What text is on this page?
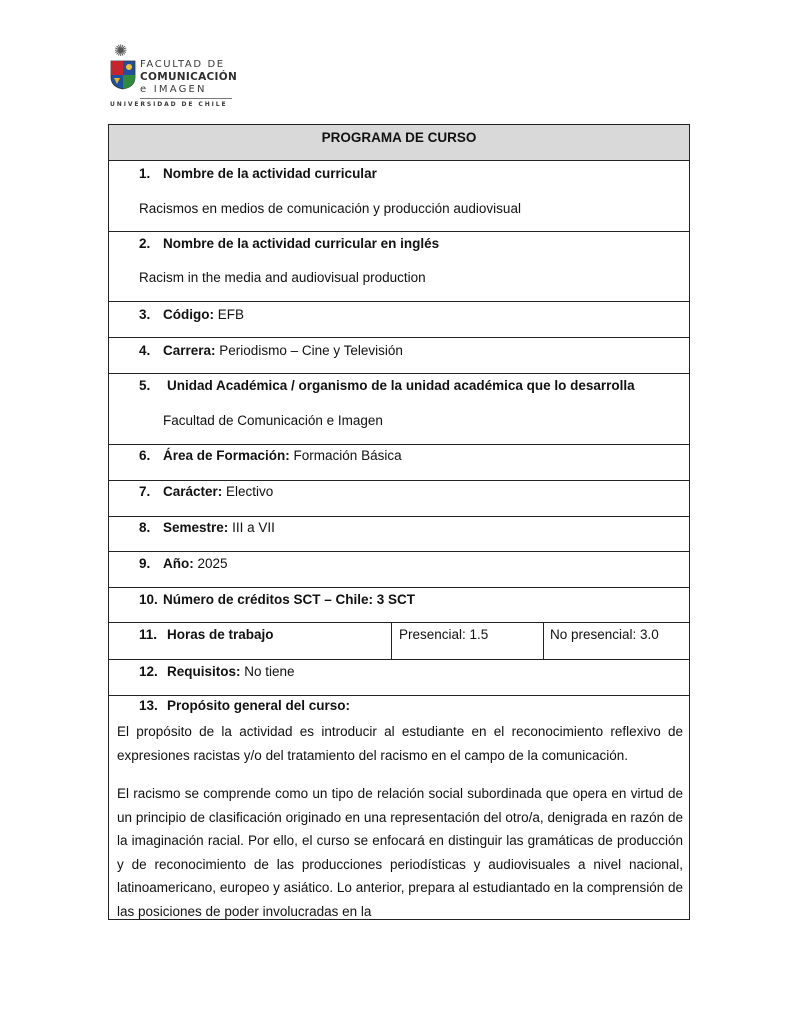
✺
FACULTAD DE
COMUNICACIÓN
e IMAGEN
UNIVERSIDAD DE CHILE
PROGRAMA DE CURSO
1. Nombre de la actividad curricular
Racismos en medios de comunicación y producción audiovisual
2. Nombre de la actividad curricular en inglés
Racism in the media and audiovisual production
3. Código: EFB
4. Carrera: Periodismo – Cine y Televisión
5. Unidad Académica / organismo de la unidad académica que lo desarrolla
Facultad de Comunicación e Imagen
6. Área de Formación: Formación Básica
7. Carácter: Electivo
8. Semestre: III a VII
9. Año: 2025
10. Número de créditos SCT – Chile: 3 SCT
11. Horas de trabajo	Presencial: 1.5	No presencial: 3.0
12. Requisitos: No tiene
13. Propósito general del curso:

El propósito de la actividad es introducir al estudiante en el reconocimiento reflexivo de expresiones racistas y/o del tratamiento del racismo en el campo de la comunicación.

El racismo se comprende como un tipo de relación social subordinada que opera en virtud de un principio de clasificación originado en una representación del otro/a, denigrada en razón de la imaginación racial. Por ello, el curso se enfocará en distinguir las gramáticas de producción y de reconocimiento de las producciones periodísticas y audiovisuales a nivel nacional, latinoamericano, europeo y asiático. Lo anterior, prepara al estudiantado en la comprensión de las posiciones de poder involucradas en la
